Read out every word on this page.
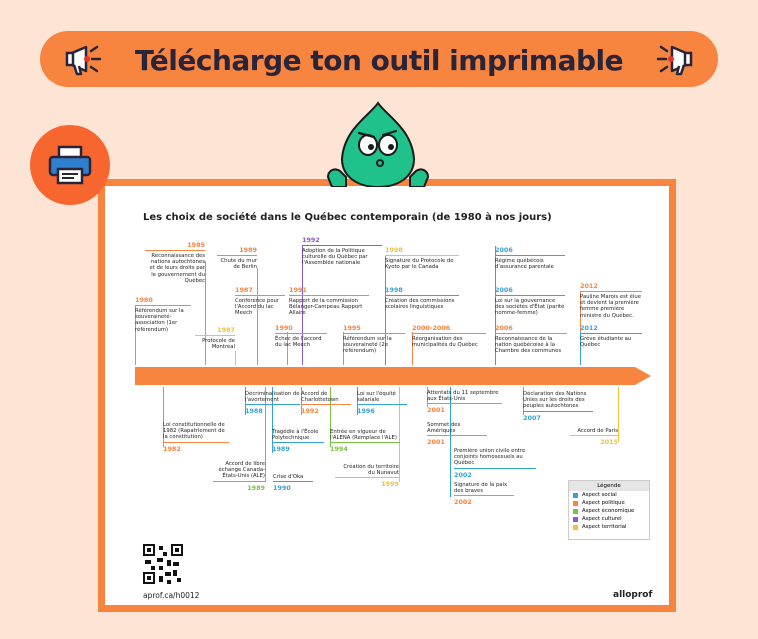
Télécharge ton outil imprimable
Les choix de société dans le Québec contemporain (de 1980 à nos jours)
1980
Référendum sur la souveraineté-association (1er référendum)
1985
Reconnaissance des nations autochtones et de leurs droits par le gouvernement du Québec
1987
Protocole de Montréal
1987
Conférence pour l'Accord du lac Meech
1989
Chute du mur de Berlin
1990
Échec de l'accord du lac Meech
1991
Rapport de la commission Bélanger-Campeau Rapport Allaire
1992
Adoption de la Politique culturelle du Québec par l'Assemblée nationale
1995
Référendum sur la souveraineté (2e référendum)
1998
Signature du Protocole de Kyoto par le Canada
1998
Création des commissions scolaires linguistiques
2000-2006
Réorganisation des municipalités du Québec
2006
Régime québécois d'assurance parentale
2006
Loi sur la gouvernance des sociétés d'État (parité homme-femme)
2006
Reconnaissance de la nation québécoise à la Chambre des communes
2012
Pauline Marois est élue et devient la première femme première ministre du Québec.
2012
Grève étudiante au Québec
Loi constitutionnelle de 1982 (Rapatriement de la constitution)
1982
Décriminalisation de l'avortement
1988
Tragédie à l'École Polytechnique
1989
Accord de libre échange Canada-États-Unis (ALE)
1989
Crise d'Oka
1990
Accord de Charlottetown
1992
Entrée en vigueur de l'ALENA (Remplace l'ALE)
1994
Loi sur l'équité salariale
1996
Création du territoire du Nunavut
1999
Attentats du 11 septembre aux États-Unis
2001
Sommet des Amériques
2001
Première union civile entre conjoints homosexuels au Québec
2002
Signature de la paix des braves
2002
Déclaration des Nations Unies sur les droits des peuples autochtones
2007
Accord de Paris
2015
Légende
Aspect social
Aspect politique
Aspect économique
Aspect culturel
Aspect territorial
aprof.ca/h0012	alloprof
